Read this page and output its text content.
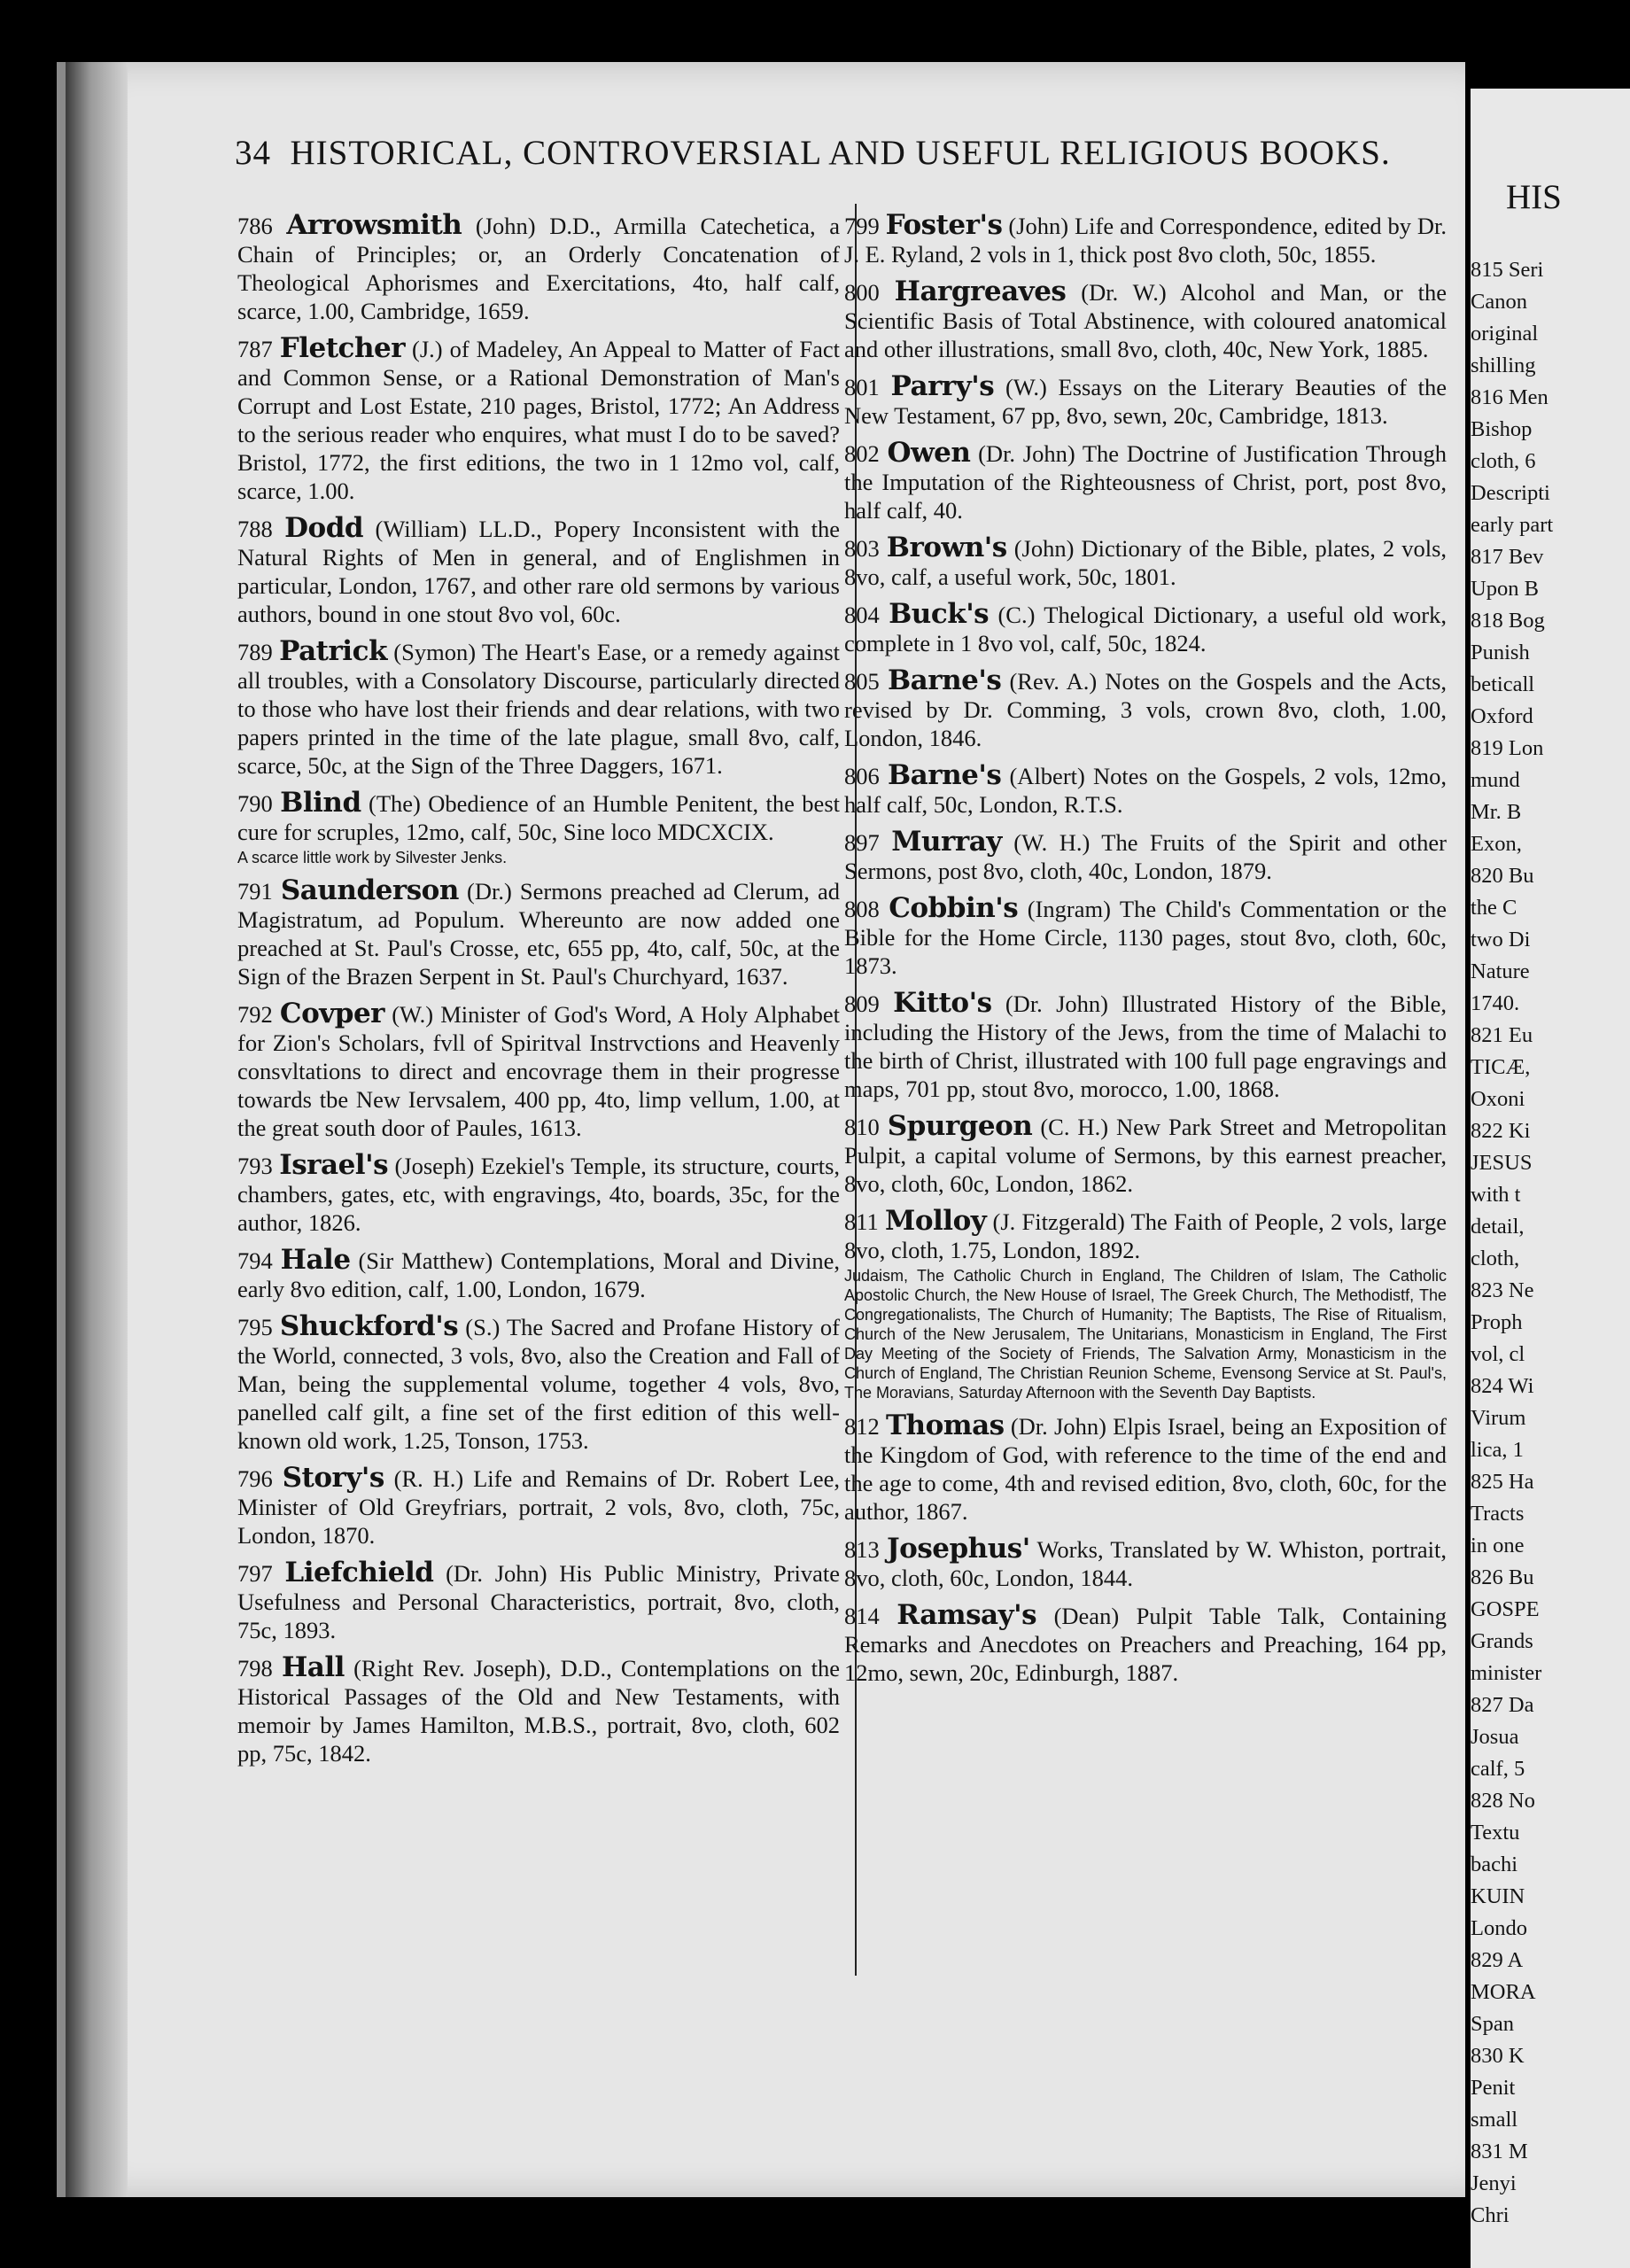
34 HISTORICAL, CONTROVERSIAL AND USEFUL RELIGIOUS BOOKS.
786 Arrowsmith (John) D.D., Armilla Catechetica, a Chain of Principles; or, an Orderly Concatenation of Theological Aphorismes and Exercitations, 4to, half calf, scarce, 1.00, Cambridge, 1659.
787 Fletcher (J.) of Madeley, An Appeal to Matter of Fact and Common Sense, or a Rational Demonstration of Man's Corrupt and Lost Estate, 210 pages, Bristol, 1772; An Address to the serious reader who enquires, what must I do to be saved? Bristol, 1772, the first editions, the two in 1 12mo vol, calf, scarce, 1.00.
788 Dodd (William) LL.D., Popery Inconsistent with the Natural Rights of Men in general, and of Englishmen in particular, London, 1767, and other rare old sermons by various authors, bound in one stout 8vo vol, 60c.
789 Patrick (Symon) The Heart's Ease, or a remedy against all troubles, with a Consolatory Discourse, particularly directed to those who have lost their friends and dear relations, with two papers printed in the time of the late plague, small 8vo, calf, scarce, 50c, at the Sign of the Three Daggers, 1671.
790 Blind (The) Obedience of an Humble Penitent, the best cure for scruples, 12mo, calf, 50c, Sine loco MDCXCIX.
A scarce little work by Silvester Jenks.
791 Saunderson (Dr.) Sermons preached ad Clerum, ad Magistratum, ad Populum. Whereunto are now added one preached at St. Paul's Crosse, etc, 655 pp, 4to, calf, 50c, at the Sign of the Brazen Serpent in St. Paul's Churchyard, 1637.
792 Covper (W.) Minister of God's Word, A Holy Alphabet for Zion's Scholars, fvll of Spiritval Instrvctions and Heavenly consvltations to direct and encovrage them in their progresse towards tbe New Iervsalem, 400 pp, 4to, limp vellum, 1.00, at the great south door of Paules, 1613.
793 Israel's (Joseph) Ezekiel's Temple, its structure, courts, chambers, gates, etc, with engravings, 4to, boards, 35c, for the author, 1826.
794 Hale (Sir Matthew) Contemplations, Moral and Divine, early 8vo edition, calf, 1.00, London, 1679.
795 Shuckford's (S.) The Sacred and Profane History of the World, connected, 3 vols, 8vo, also the Creation and Fall of Man, being the supplemental volume, together 4 vols, 8vo, panelled calf gilt, a fine set of the first edition of this well-known old work, 1.25, Tonson, 1753.
796 Story's (R. H.) Life and Remains of Dr. Robert Lee, Minister of Old Greyfriars, portrait, 2 vols, 8vo, cloth, 75c, London, 1870.
797 Liefchield (Dr. John) His Public Ministry, Private Usefulness and Personal Characteristics, portrait, 8vo, cloth, 75c, 1893.
798 Hall (Right Rev. Joseph), D.D., Contemplations on the Historical Passages of the Old and New Testaments, with memoir by James Hamilton, M.B.S., portrait, 8vo, cloth, 602 pp, 75c, 1842.
799 Foster's (John) Life and Correspondence, edited by Dr. J. E. Ryland, 2 vols in 1, thick post 8vo cloth, 50c, 1855.
800 Hargreaves (Dr. W.) Alcohol and Man, or the Scientific Basis of Total Abstinence, with coloured anatomical and other illustrations, small 8vo, cloth, 40c, New York, 1885.
801 Parry's (W.) Essays on the Literary Beauties of the New Testament, 67 pp, 8vo, sewn, 20c, Cambridge, 1813.
802 Owen (Dr. John) The Doctrine of Justification Through the Imputation of the Righteousness of Christ, port, post 8vo, half calf, 40.
803 Brown's (John) Dictionary of the Bible, plates, 2 vols, 8vo, calf, a useful work, 50c, 1801.
804 Buck's (C.) Thelogical Dictionary, a useful old work, complete in 1 8vo vol, calf, 50c, 1824.
805 Barne's (Rev. A.) Notes on the Gospels and the Acts, revised by Dr. Comming, 3 vols, crown 8vo, cloth, 1.00, London, 1846.
806 Barne's (Albert) Notes on the Gospels, 2 vols, 12mo, half calf, 50c, London, R.T.S.
897 Murray (W. H.) The Fruits of the Spirit and other Sermons, post 8vo, cloth, 40c, London, 1879.
808 Cobbin's (Ingram) The Child's Commentation or the Bible for the Home Circle, 1130 pages, stout 8vo, cloth, 60c, 1873.
809 Kitto's (Dr. John) Illustrated History of the Bible, including the History of the Jews, from the time of Malachi to the birth of Christ, illustrated with 100 full page engravings and maps, 701 pp, stout 8vo, morocco, 1.00, 1868.
810 Spurgeon (C. H.) New Park Street and Metropolitan Pulpit, a capital volume of Sermons, by this earnest preacher, 8vo, cloth, 60c, London, 1862.
811 Molloy (J. Fitzgerald) The Faith of People, 2 vols, large 8vo, cloth, 1.75, London, 1892.
Judaism, The Catholic Church in England, The Children of Islam, The Catholic Apostolic Church, the New House of Israel, The Greek Church, The Methodistf, The Congregationalists, The Church of Humanity; The Baptists, The Rise of Ritualism, Church of the New Jerusalem, The Unitarians, Monasticism in England, The First Day Meeting of the Society of Friends, The Salvation Army, Monasticism in the Church of England, The Christian Reunion Scheme, Evensong Service at St. Paul's, The Moravians, Saturday Afternoon with the Seventh Day Baptists.
812 Thomas (Dr. John) Elpis Israel, being an Exposition of the Kingdom of God, with reference to the time of the end and the age to come, 4th and revised edition, 8vo, cloth, 60c, for the author, 1867.
813 Josephus' Works, Translated by W. Whiston, portrait, 8vo, cloth, 60c, London, 1844.
814 Ramsay's (Dean) Pulpit Table Talk, Containing Remarks and Anecdotes on Preachers and Preaching, 164 pp, 12mo, sewn, 20c, Edinburgh, 1887.
HIS
815 Seri
Canon
original
shilling
816 Men
Bishop
cloth, 6
Descripti
early part
817 Bev
Upon B
818 Bog
Punish
beticall
Oxford
819 Lon
mund
Mr. B
Exon,
820 Bu
the C
two Di
Nature
1740.
821 Eu
TICÆ,
Oxoni
822 Ki
JESUS
with t
detail,
cloth,
823 Ne
Proph
vol, cl
824 Wi
Virum
lica, 1
825 Ha
Tracts
in one
826 Bu
GOSPE
Grands
minister
827 Da
Josua
calf, 5
828 No
Textu
bachi
KUIN
Londo
829 A
MORA
Span
830 K
Penit
small
831 M
Jenyi
Chri
